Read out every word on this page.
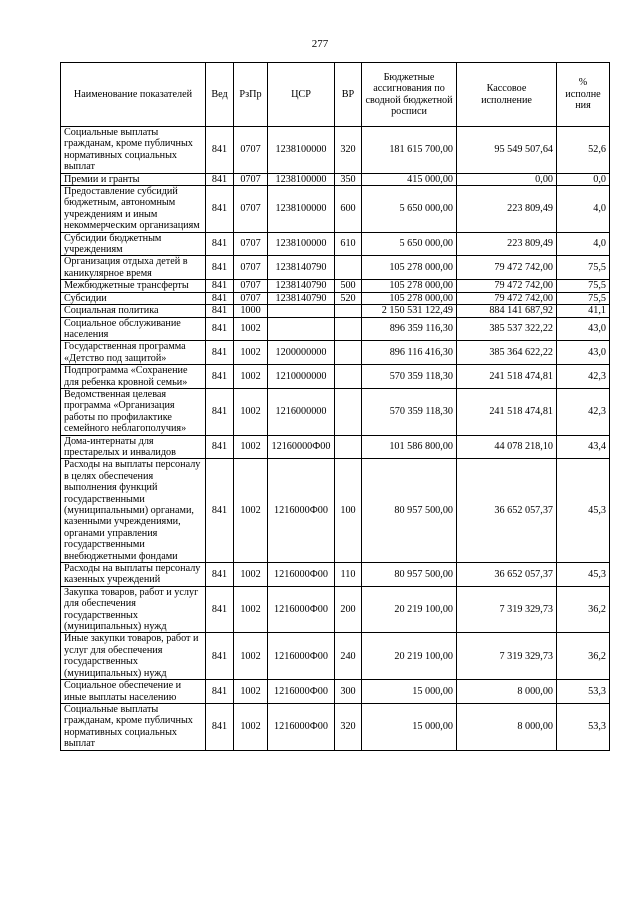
277
Наименование показателей	Вед	РзПр	ЦСР	ВР	Бюджетные ассигнования по сводной бюджетной росписи	Кассовое исполнение	% исполне ния
Социальные выплаты гражданам, кроме публичных нормативных социальных выплат	841	0707	1238100000	320	181 615 700,00	95 549 507,64	52,6
Премии и гранты	841	0707	1238100000	350	415 000,00	0,00	0,0
Предоставление субсидий бюджетным, автономным учреждениям и иным некоммерческим организациям	841	0707	1238100000	600	5 650 000,00	223 809,49	4,0
Субсидии бюджетным учреждениям	841	0707	1238100000	610	5 650 000,00	223 809,49	4,0
Организация отдыха детей в каникулярное время	841	0707	1238140790		105 278 000,00	79 472 742,00	75,5
Межбюджетные трансферты	841	0707	1238140790	500	105 278 000,00	79 472 742,00	75,5
Субсидии	841	0707	1238140790	520	105 278 000,00	79 472 742,00	75,5
Социальная политика	841	1000			2 150 531 122,49	884 141 687,92	41,1
Социальное обслуживание населения	841	1002			896 359 116,30	385 537 322,22	43,0
Государственная программа «Детство под защитой»	841	1002	1200000000		896 116 416,30	385 364 622,22	43,0
Подпрограмма «Сохранение для ребенка кровной семьи»	841	1002	1210000000		570 359 118,30	241 518 474,81	42,3
Ведомственная целевая программа «Организация работы по профилактике семейного неблагополучия»	841	1002	1216000000		570 359 118,30	241 518 474,81	42,3
Дома-интернаты для престарелых и инвалидов	841	1002	12160000Ф00		101 586 800,00	44 078 218,10	43,4
Расходы на выплаты персоналу в целях обеспечения выполнения функций государственными (муниципальными) органами, казенными учреждениями, органами управления государственными внебюджетными фондами	841	1002	1216000Ф00	100	80 957 500,00	36 652 057,37	45,3
Расходы на выплаты персоналу казенных учреждений	841	1002	1216000Ф00	110	80 957 500,00	36 652 057,37	45,3
Закупка товаров, работ и услуг для обеспечения государственных (муниципальных) нужд	841	1002	1216000Ф00	200	20 219 100,00	7 319 329,73	36,2
Иные закупки товаров, работ и услуг для обеспечения государственных (муниципальных) нужд	841	1002	1216000Ф00	240	20 219 100,00	7 319 329,73	36,2
Социальное обеспечение и иные выплаты населению	841	1002	1216000Ф00	300	15 000,00	8 000,00	53,3
Социальные выплаты гражданам, кроме публичных нормативных социальных выплат	841	1002	1216000Ф00	320	15 000,00	8 000,00	53,3
